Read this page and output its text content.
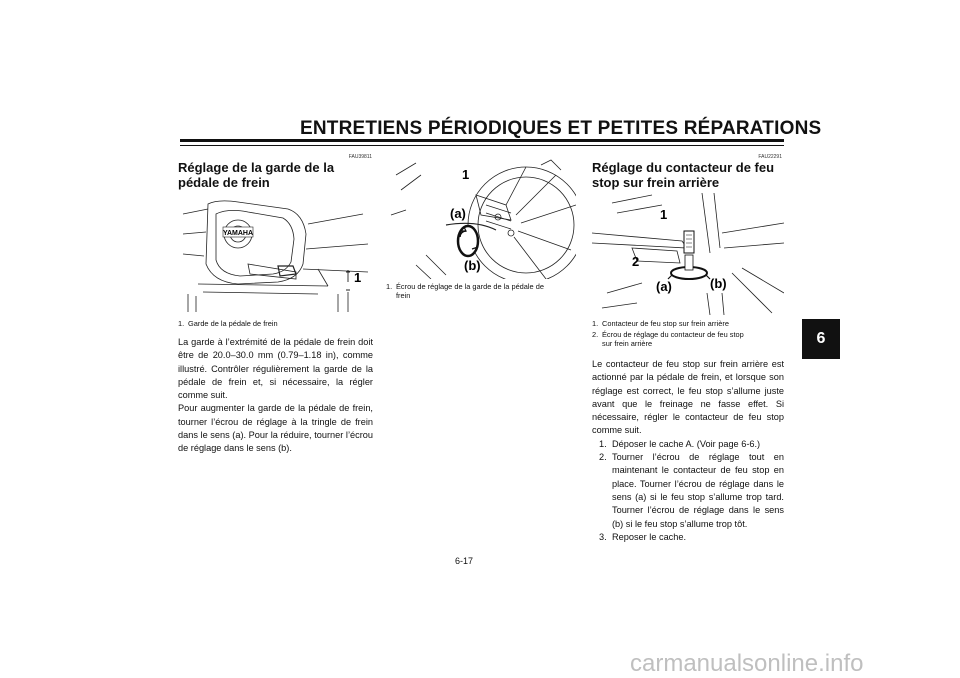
ENTRETIENS PÉRIODIQUES ET PETITES RÉPARATIONS
FAU39811
Réglage de la garde de la pédale de frein
YAMAHA
1
1. Garde de la pédale de frein
La garde à l’extrémité de la pédale de frein doit être de 20.0–30.0 mm (0.79–1.18 in), comme illustré. Contrôler régulièrement la garde de la pédale de frein et, si nécessaire, la régler comme suit.
Pour augmenter la garde de la pédale de frein, tourner l’écrou de réglage à la tringle de frein dans le sens (a). Pour la réduire, tourner l’écrou de réglage dans le sens (b).
1
(a)
(b)
1. Écrou de réglage de la garde de la pédale de
frein
FAU22291
Réglage du contacteur de feu
stop sur frein arrière
1
2
(a)	(b)
1. Contacteur de feu stop sur frein arrière
2. Écrou de réglage du contacteur de feu stop
sur frein arrière
Le contacteur de feu stop sur frein arrière est actionné par la pédale de frein, et lorsque son réglage est correct, le feu stop s’allume juste avant que le freinage ne fasse effet. Si nécessaire, régler le contacteur de feu stop comme suit.
1. Déposer le cache A. (Voir page 6-6.)
2. Tourner l’écrou de réglage tout en maintenant le contacteur de feu stop en place. Tourner l’écrou de réglage dans le sens (a) si le feu stop s’allume trop tard. Tourner l’écrou de réglage dans le sens (b) si le feu stop s’allume trop tôt.
3. Reposer le cache.
6
6-17
carmanualsonline.info
